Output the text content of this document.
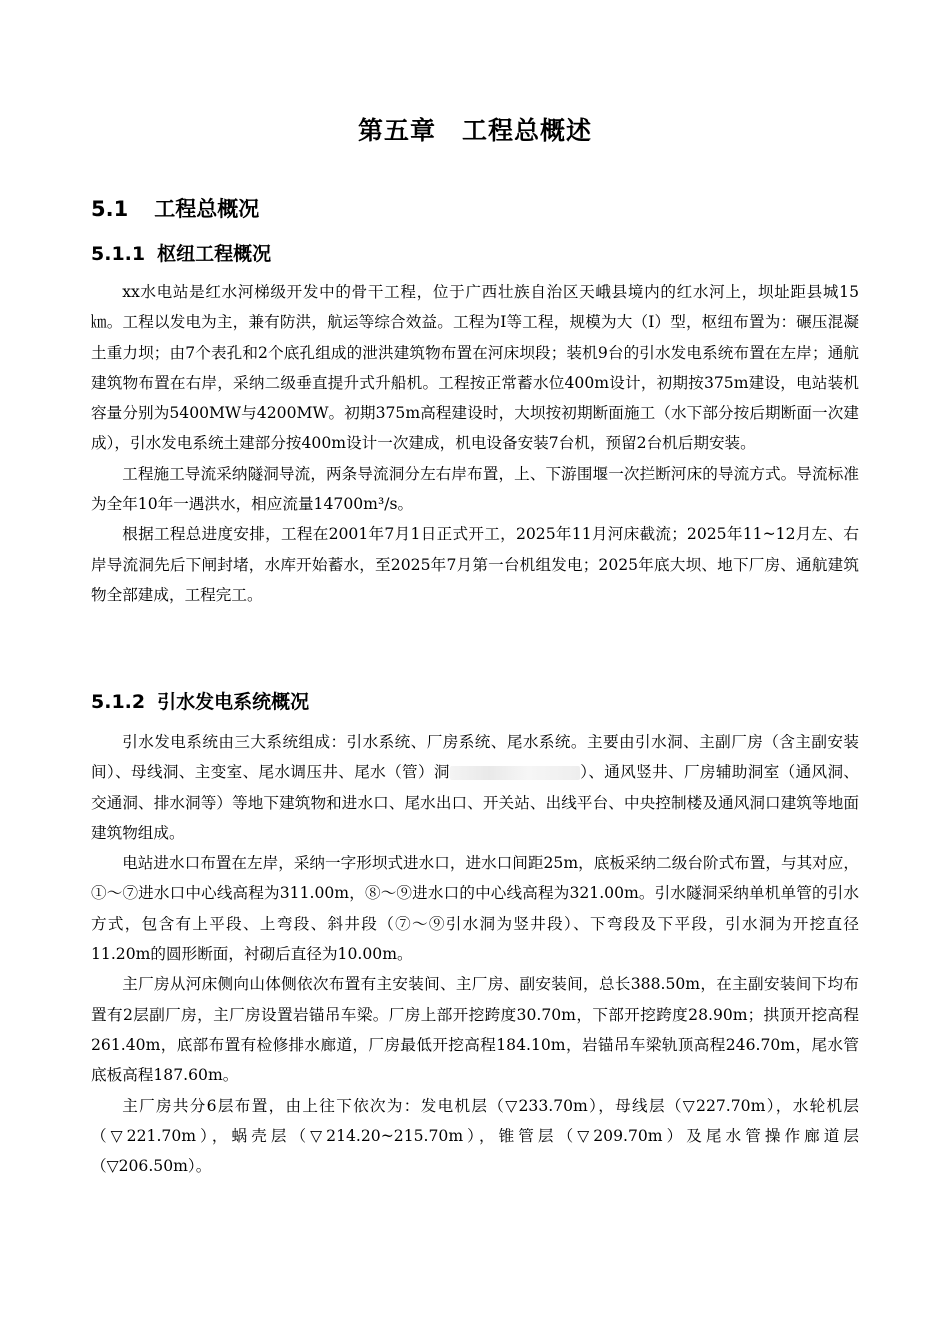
第五章　工程总概述
5.1 工程总概况
5.1.1 枢纽工程概况

xx水电站是红水河梯级开发中的骨干工程，位于广西壮族自治区天峨县境内的红水河上，坝址距县城15㎞。工程以发电为主，兼有防洪，航运等综合效益。工程为Ⅰ等工程，规模为大（Ⅰ）型，枢纽布置为：碾压混凝土重力坝；由7个表孔和2个底孔组成的泄洪建筑物布置在河床坝段；装机9台的引水发电系统布置在左岸；通航建筑物布置在右岸，采纳二级垂直提升式升船机。工程按正常蓄水位400m设计，初期按375m建设，电站装机容量分别为5400MW与4200MW。初期375m高程建设时，大坝按初期断面施工（水下部分按后期断面一次建成），引水发电系统土建部分按400m设计一次建成，机电设备安装7台机，预留2台机后期安装。

工程施工导流采纳隧洞导流，两条导流洞分左右岸布置，上、下游围堰一次拦断河床的导流方式。导流标准为全年10年一遇洪水，相应流量14700m³/s。

根据工程总进度安排，工程在2001年7月1日正式开工，2025年11月河床截流；2025年11~12月左、右岸导流洞先后下闸封堵，水库开始蓄水，至2025年7月第一台机组发电；2025年底大坝、地下厂房、通航建筑物全部建成，工程完工。

5.1.2 引水发电系统概况

引水发电系统由三大系统组成：引水系统、厂房系统、尾水系统。主要由引水洞、主副厂房（含主副安装间）、母线洞、主变室、尾水调压井、尾水（管）洞	）、通风竖井、厂房辅助洞室（通风洞、交通洞、排水洞等）等地下建筑物和进水口、尾水出口、开关站、出线平台、中央控制楼及通风洞口建筑等地面建筑物组成。

电站进水口布置在左岸，采纳一字形坝式进水口，进水口间距25m，底板采纳二级台阶式布置，与其对应，①～⑦进水口中心线高程为311.00m，⑧～⑨进水口的中心线高程为321.00m。引水隧洞采纳单机单管的引水方式，包含有上平段、上弯段、斜井段（⑦～⑨引水洞为竖井段）、下弯段及下平段，引水洞为开挖直径11.20m的圆形断面，衬砌后直径为10.00m。

主厂房从河床侧向山体侧依次布置有主安装间、主厂房、副安装间，总长388.50m，在主副安装间下均布置有2层副厂房，主厂房设置岩锚吊车梁。厂房上部开挖跨度30.70m，下部开挖跨度28.90m；拱顶开挖高程261.40m，底部布置有检修排水廊道，厂房最低开挖高程184.10m，岩锚吊车梁轨顶高程246.70m，尾水管底板高程187.60m。

主厂房共分6层布置，由上往下依次为：发电机层（▽233.70m），母线层（▽227.70m），水轮机层（▽221.70m），蜗壳层（▽214.20~215.70m），锥管层（▽209.70m）及尾水管操作廊道层（▽206.50m）。
